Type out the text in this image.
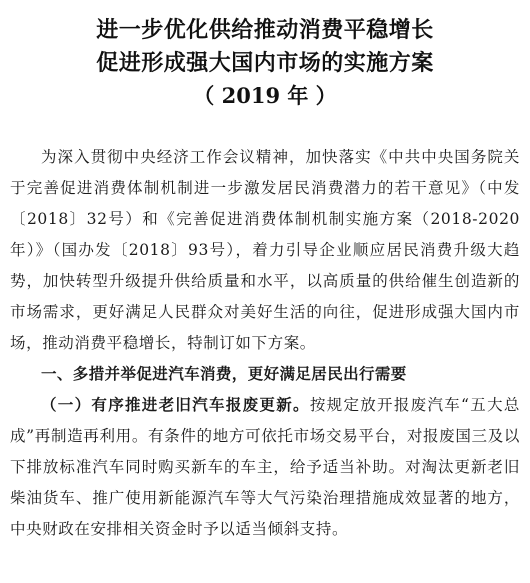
进一步优化供给推动消费平稳增长
促进形成强大国内市场的实施方案
（ 2019 年 ）

为深入贯彻中央经济工作会议精神，加快落实《中共中央国务院关于完善促进消费体制机制进一步激发居民消费潜力的若干意见》（中发〔2018〕32号）和《完善促进消费体制机制实施方案（2018-2020年）》（国办发〔2018〕93号），着力引导企业顺应居民消费升级大趋势，加快转型升级提升供给质量和水平，以高质量的供给催生创造新的市场需求，更好满足人民群众对美好生活的向往，促进形成强大国内市场，推动消费平稳增长，特制订如下方案。

一、多措并举促进汽车消费，更好满足居民出行需要

（一）有序推进老旧汽车报废更新。按规定放开报废汽车“五大总成”再制造再利用。有条件的地方可依托市场交易平台，对报废国三及以下排放标准汽车同时购买新车的车主，给予适当补助。对淘汰更新老旧柴油货车、推广使用新能源汽车等大气污染治理措施成效显著的地方，中央财政在安排相关资金时予以适当倾斜支持。
